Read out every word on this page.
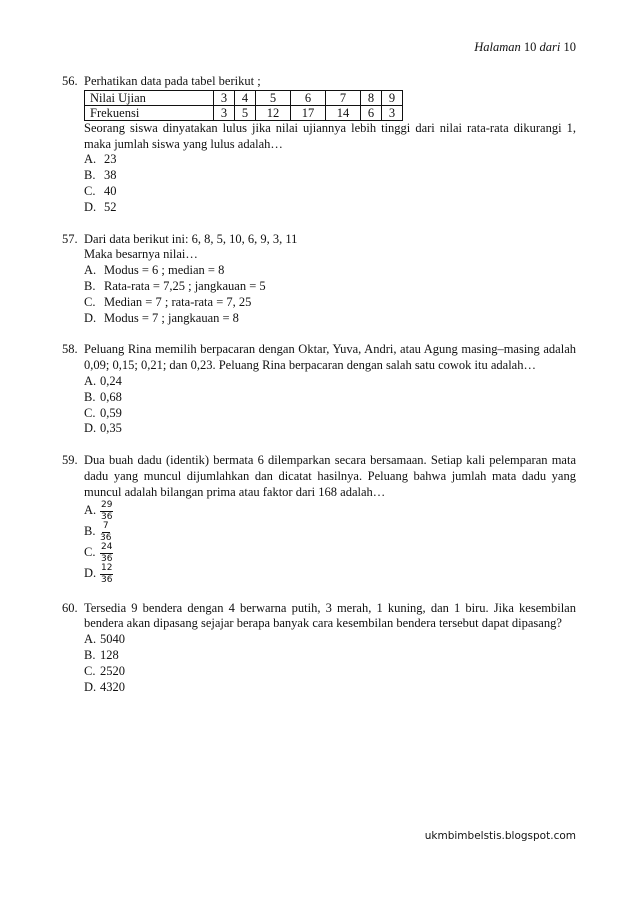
Halaman 10 dari 10
56. Perhatikan data pada tabel berikut ;
Nilai Ujian	3	4	5	6	7	8	9
Frekuensi	3	5	12	17	14	6	3
Seorang siswa dinyatakan lulus jika nilai ujiannya lebih tinggi dari nilai rata-rata dikurangi 1, maka jumlah siswa yang lulus adalah…
A. 23
B. 38
C. 40
D. 52
57. Dari data berikut ini: 6, 8, 5, 10, 6, 9, 3, 11
Maka besarnya nilai…
A. Modus = 6 ; median = 8
B. Rata-rata = 7,25 ; jangkauan = 5
C. Median = 7 ; rata-rata = 7, 25
D. Modus = 7 ; jangkauan = 8
58. Peluang Rina memilih berpacaran dengan Oktar, Yuva, Andri, atau Agung masing–masing adalah 0,09; 0,15; 0,21; dan 0,23. Peluang Rina berpacaran dengan salah satu cowok itu adalah…
A. 0,24
B. 0,68
C. 0,59
D. 0,35
59. Dua buah dadu (identik) bermata 6 dilemparkan secara bersamaan. Setiap kali pelemparan mata dadu yang muncul dijumlahkan dan dicatat hasilnya. Peluang bahwa jumlah mata dadu yang muncul adalah bilangan prima atau faktor dari 168 adalah…
A. $\frac{29}{36}$
B. $\frac{7}{36}$
C. $\frac{24}{36}$
D. $\frac{12}{36}$
60. Tersedia 9 bendera dengan 4 berwarna putih, 3 merah, 1 kuning, dan 1 biru. Jika kesembilan bendera akan dipasang sejajar berapa banyak cara kesembilan bendera tersebut dapat dipasang?
A. 5040
B. 128
C. 2520
D. 4320
ukmbimbelstis.blogspot.com
